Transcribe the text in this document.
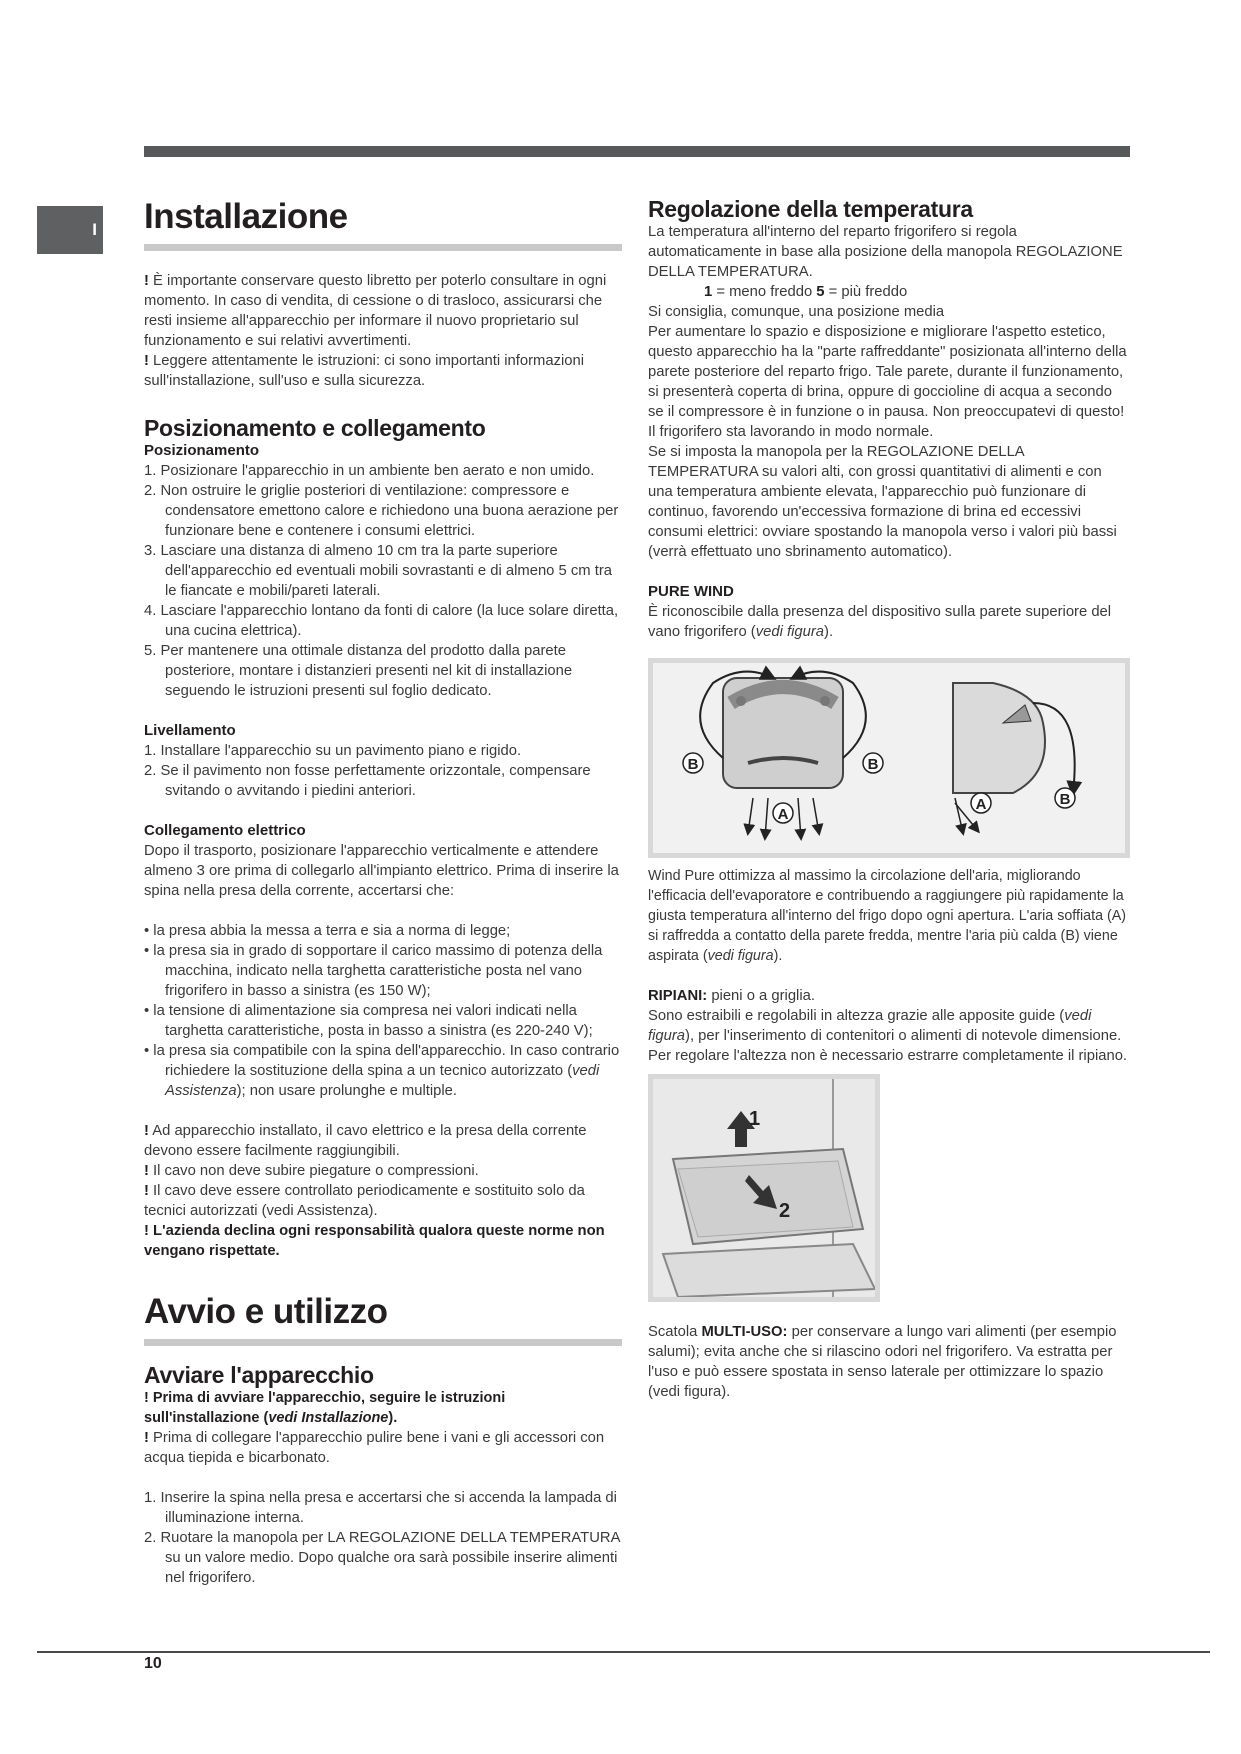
I Installazione

! È importante conservare questo libretto per poterlo consultare in ogni momento. In caso di vendita, di cessione o di trasloco, assicurarsi che resti insieme all'apparecchio per informare il nuovo proprietario sul funzionamento e sui relativi avvertimenti.

! Leggere attentamente le istruzioni: ci sono importanti informazioni sull'installazione, sull'uso e sulla sicurezza.

Posizionamento e collegamento
Posizionamento
1. Posizionare l'apparecchio in un ambiente ben aerato e non umido.
2. Non ostruire le griglie posteriori di ventilazione: compressore e condensatore emettono calore e richiedono una buona aerazione per funzionare bene e contenere i consumi elettrici.
3. Lasciare una distanza di almeno 10 cm tra la parte superiore dell'apparecchio ed eventuali mobili sovrastanti e di almeno 5 cm tra le fiancate e mobili/pareti laterali.
4. Lasciare l'apparecchio lontano da fonti di calore (la luce solare diretta, una cucina elettrica).
5. Per mantenere una ottimale distanza del prodotto dalla parete posteriore, montare i distanzieri presenti nel kit di installazione seguendo le istruzioni presenti sul foglio dedicato.
Livellamento
1. Installare l'apparecchio su un pavimento piano e rigido.
2. Se il pavimento non fosse perfettamente orizzontale, compensare svitando o avvitando i piedini anteriori.
Collegamento elettrico

Dopo il trasporto, posizionare l'apparecchio verticalmente e attendere almeno 3 ore prima di collegarlo all'impianto elettrico. Prima di inserire la spina nella presa della corrente, accertarsi che:

• la presa abbia la messa a terra e sia a norma di legge;
• la presa sia in grado di sopportare il carico massimo di potenza della macchina, indicato nella targhetta caratteristiche posta nel vano frigorifero in basso a sinistra (es 150 W);
• la tensione di alimentazione sia compresa nei valori indicati nella targhetta caratteristiche, posta in basso a sinistra (es 220-240 V);
• la presa sia compatibile con la spina dell'apparecchio. In caso contrario richiedere la sostituzione della spina a un tecnico autorizzato (vedi Assistenza); non usare prolunghe e multiple.

! Ad apparecchio installato, il cavo elettrico e la presa della corrente devono essere facilmente raggiungibili.

! Il cavo non deve subire piegature o compressioni.

! Il cavo deve essere controllato periodicamente e sostituito solo da tecnici autorizzati (vedi Assistenza).

! L'azienda declina ogni responsabilità qualora queste norme non vengano rispettate.

Avvio e utilizzo
Avviare l'apparecchio

! Prima di avviare l'apparecchio, seguire le istruzioni sull'installazione (vedi Installazione).

! Prima di collegare l'apparecchio pulire bene i vani e gli accessori con acqua tiepida e bicarbonato.

1. Inserire la spina nella presa e accertarsi che si accenda la lampada di illuminazione interna.
2. Ruotare la manopola per LA REGOLAZIONE DELLA TEMPERATURA su un valore medio. Dopo qualche ora sarà possibile inserire alimenti nel frigorifero.
Regolazione della temperatura

La temperatura all'interno del reparto frigorifero si regola automaticamente in base alla posizione della manopola REGOLAZIONE DELLA TEMPERATURA.

1 = meno freddo 5 = più freddo

Si consiglia, comunque, una posizione media

Per aumentare lo spazio e disposizione e migliorare l'aspetto estetico, questo apparecchio ha la "parte raffreddante" posizionata all'interno della parete posteriore del reparto frigo. Tale parete, durante il funzionamento, si presenterà coperta di brina, oppure di goccioline di acqua a secondo se il compressore è in funzione o in pausa. Non preoccupatevi di questo! Il frigorifero sta lavorando in modo normale.

Se si imposta la manopola per la REGOLAZIONE DELLA TEMPERATURA su valori alti, con grossi quantitativi di alimenti e con una temperatura ambiente elevata, l'apparecchio può funzionare di continuo, favorendo un'eccessiva formazione di brina ed eccessivi consumi elettrici: ovviare spostando la manopola verso i valori più bassi (verrà effettuato uno sbrinamento automatico).

PURE WIND

È riconoscibile dalla presenza del dispositivo sulla parete superiore del vano frigorifero (vedi figura).

B	B
A
A	B

Wind Pure ottimizza al massimo la circolazione dell'aria, migliorando l'efficacia dell'evaporatore e contribuendo a raggiungere più rapidamente la giusta temperatura all'interno del frigo dopo ogni apertura. L'aria soffiata (A) si raffredda a contatto della parete fredda, mentre l'aria più calda (B) viene aspirata (vedi figura).

RIPIANI: pieni o a griglia.

Sono estraibili e regolabili in altezza grazie alle apposite guide (vedi figura), per l'inserimento di contenitori o alimenti di notevole dimensione. Per regolare l'altezza non è necessario estrarre completamente il ripiano.

1
2

Scatola MULTI-USO: per conservare a lungo vari alimenti (per esempio salumi); evita anche che si rilascino odori nel frigorifero. Va estratta per l'uso e può essere spostata in senso laterale per ottimizzare lo spazio (vedi figura).

10
